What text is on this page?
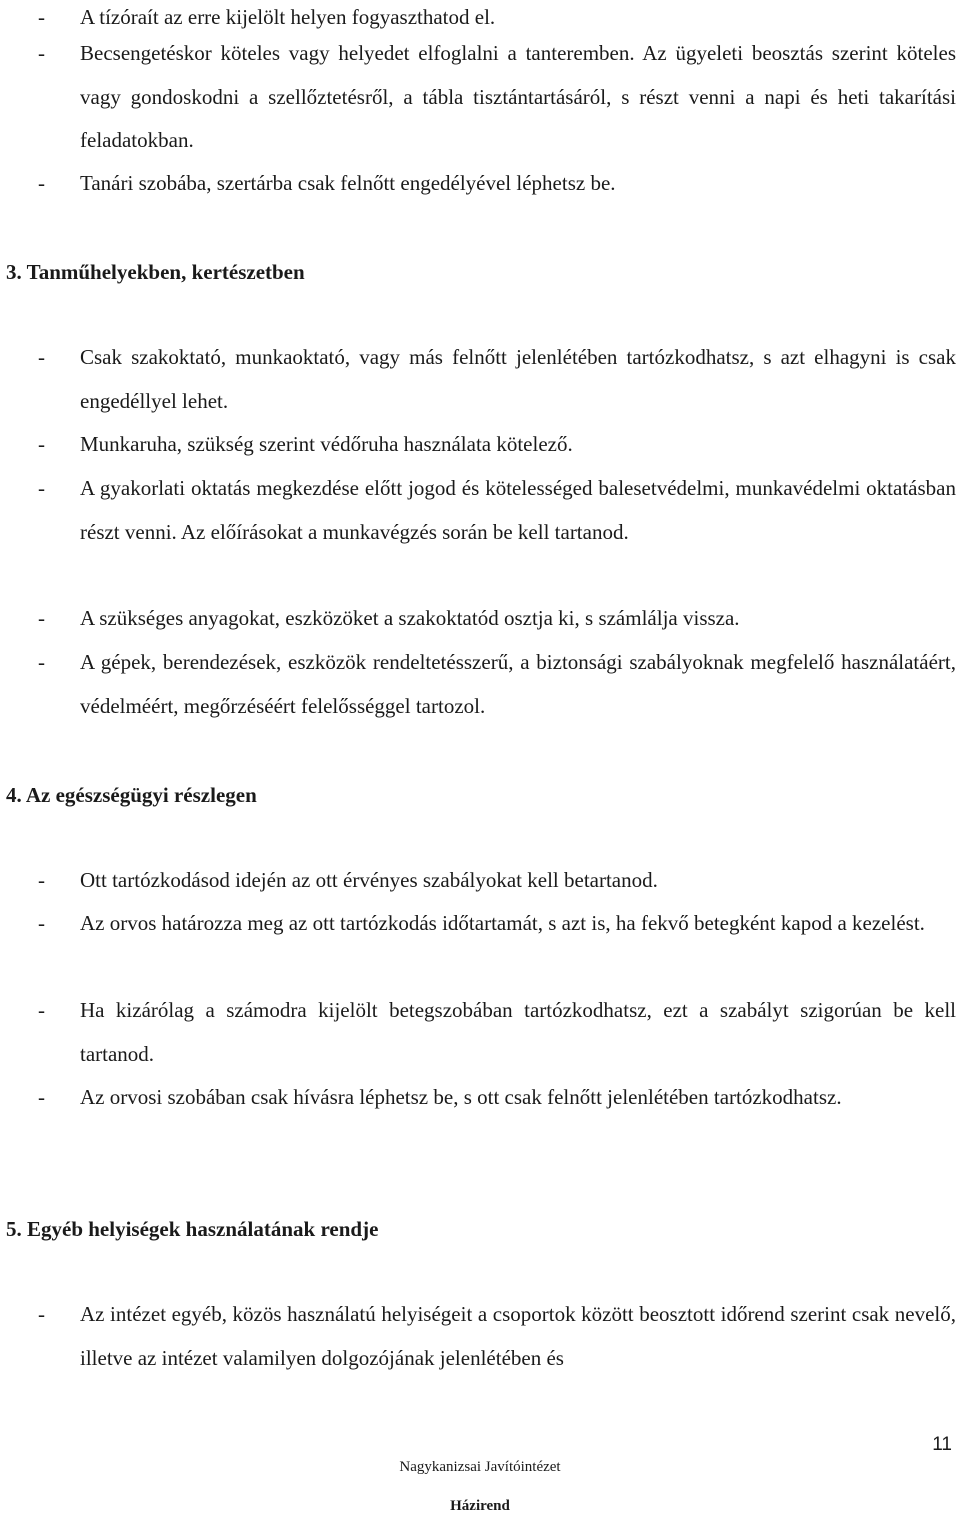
- A tízóraít az erre kijelölt helyen fogyaszthatod el.
- Becsengetéskor köteles vagy helyedet elfoglalni a tanteremben. Az ügyeleti beosztás szerint köteles vagy gondoskodni a szellőztetésről, a tábla tisztántartásáról, s részt venni a napi és heti takarítási feladatokban.
- Tanári szobába, szertárba csak felnőtt engedélyével léphetsz be.
3. Tanműhelyekben, kertészetben
- Csak szakoktató, munkaoktató, vagy más felnőtt jelenlétében tartózkodhatsz, s azt elhagyni is csak engedéllyel lehet.
- Munkaruha, szükség szerint védőruha használata kötelező.
- A gyakorlati oktatás megkezdése előtt jogod és kötelességed balesetvédelmi, munkavédelmi oktatásban részt venni. Az előírásokat a munkavégzés során be kell tartanod.
- A szükséges anyagokat, eszközöket a szakoktatód osztja ki, s számlálja vissza.
- A gépek, berendezések, eszközök rendeltetésszerű, a biztonsági szabályoknak megfelelő használatáért, védelméért, megőrzéséért felelősséggel tartozol.
4. Az egészségügyi részlegen
- Ott tartózkodásod idején az ott érvényes szabályokat kell betartanod.
- Az orvos határozza meg az ott tartózkodás időtartamát, s azt is, ha fekvő betegként kapod a kezelést.
- Ha kizárólag a számodra kijelölt betegszobában tartózkodhatsz, ezt a szabályt szigorúan be kell tartanod.
- Az orvosi szobában csak hívásra léphetsz be, s ott csak felnőtt jelenlétében tartózkodhatsz.
5. Egyéb helyiségek használatának rendje
- Az intézet egyéb, közös használatú helyiségeit a csoportok között beosztott időrend szerint csak nevelő, illetve az intézet valamilyen dolgozójának jelenlétében és
11
Nagykanizsai Javítóintézet
Házirend
